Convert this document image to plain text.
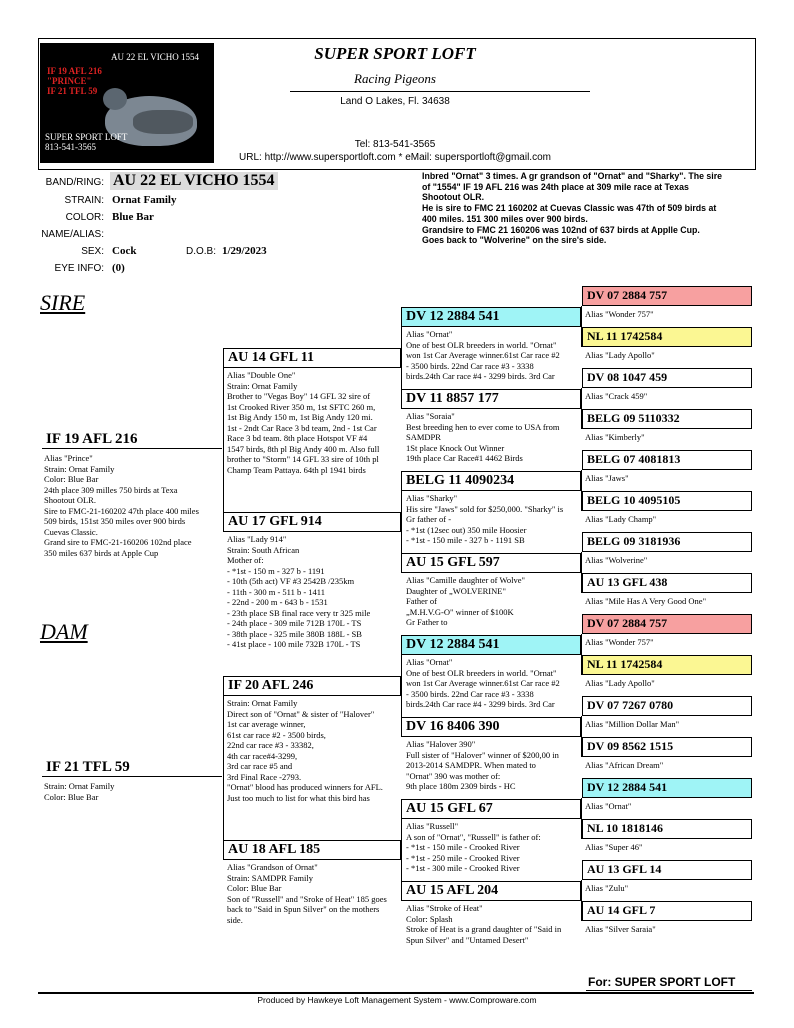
IF 19 AFL 216
"PRINCE"
IF 21 TFL 59
AU 22 EL VICHO 1554
SUPER SPORT LOFT
813-541-3565
SUPER SPORT LOFT
Racing Pigeons
Land O Lakes, Fl. 34638
Tel: 813-541-3565
URL: http://www.supersportloft.com * eMail: supersportloft@gmail.com
BAND/RING: AU 22 EL VICHO 1554
STRAIN: Ornat Family
COLOR: Blue Bar
NAME/ALIAS:
SEX: Cock	D.O.B: 1/29/2023
EYE INFO: (0)
Inbred "Ornat" 3 times. A gr grandson of "Ornat" and "Sharky". The sire
of "1554" IF 19 AFL 216 was 24th place at 309 mile race at Texas
Shootout OLR.
He is sire to FMC 21 160202 at Cuevas Classic was 47th of 509 birds at
400 miles. 151 300 miles over 900 birds.
Grandsire to FMC 21 160206 was 102nd of 637 birds at Applle Cup.
Goes back to "Wolverine" on the sire's side.
SIRE
DAM
IF 19 AFL 216
Alias "Prince"
Strain: Ornat Family
Color: Blue Bar
24th place 309 milles 750 birds at Texa
Shootout OLR.
Sire to FMC-21-160202 47th place 400 miles
509 birds, 151st 350 miles over 900 birds
Cuevas Classic.
Grand sire to FMC-21-160206 102nd place
350 miles 637 birds at Apple Cup
IF 21 TFL 59
Strain: Ornat Family
Color: Blue Bar
AU 14 GFL 11
Alias "Double One"
Strain: Ornat Family
Brother to "Vegas Boy" 14 GFL 32 sire of
1st Crooked River 350 m, 1st SFTC 260 m,
1st Big Andy 150 m, 1st Big Andy 120 mi.
1st - 2ndt Car Race 3 bd team, 2nd - 1st Car
Race 3 bd team. 8th place Hotspot VF #4
1547 birds, 8th pl Big Andy 400 m. Also full
brother to "Storm" 14 GFL 33 sire of 10th pl
Champ Team Pattaya. 64th pl 1941 birds
AU 17 GFL 914
Alias "Lady 914"
Strain: South African
Mother of:
- *1st - 150 m - 327 b - 1191
- 10th (5th act) VF #3 2542B /235km
- 11th - 300 m - 511 b - 1411
- 22nd - 200 m - 643 b - 1531
- 23th place SB final race very tr 325 mile
- 24th place - 309 mile 712B 170L - TS
- 38th place - 325 mile 380B 188L - SB
- 41st place - 100 mile 732B 170L - TS
IF 20 AFL 246
Strain: Ornat Family
Direct son of "Ornat" & sister of "Halover"
1st car average winner,
61st car race #2 - 3500 birds,
22nd car race #3 - 33382,
4th car race#4-3299,
3rd car race #5 and
3rd Final Race -2793.
"Ornat" blood has produced winners for AFL.
Just too much to list for what this bird has
AU 18 AFL 185
Alias "Grandson of Ornat"
Strain: SAMDPR Family
Color: Blue Bar
Son of "Russell" and "Sroke of Heat" 185 goes
back to "Said in Spun Silver" on the mothers
side.
DV 12 2884 541
Alias "Ornat"
One of best OLR breeders in world. "Ornat"
won 1st Car Average winner.61st Car race #2
- 3500 birds. 22nd Car race #3 - 3338
birds.24th Car race #4 - 3299 birds. 3rd Car
DV 11 8857 177
Alias "Soraia"
Best breeding hen to ever come to USA from
SAMDPR
1St place Knock Out Winner
19th place Car Race#1 4462 Birds
BELG 11 4090234
Alias "Sharky"
His sire "Jaws" sold for $250,000. "Sharky" is
Gr father of -
- *1st (12sec out) 350 mile Hoosier
- *1st - 150 mile - 327 b - 1191 SB
AU 15 GFL 597
Alias "Camille daughter of Wolve"
Daughter of „WOLVERINE"
Father of
„M.H.V.G-O" winner of $100K
Gr Father to
DV 12 2884 541
Alias "Ornat"
One of best OLR breeders in world. "Ornat"
won 1st Car Average winner.61st Car race #2
- 3500 birds. 22nd Car race #3 - 3338
birds.24th Car race #4 - 3299 birds. 3rd Car
DV 16 8406 390
Alias "Halover 390"
Full sister of "Halover" winner of $200,00 in
2013-2014 SAMDPR. When mated to
"Ornat" 390 was mother of:
9th place 180m 2309 birds - HC
AU 15 GFL 67
Alias "Russell"
A son of "Ornat", "Russell" is father of:
- *1st - 150 mile - Crooked River
- *1st - 250 mile - Crooked River
- *1st - 300 mile - Crooked River
AU 15 AFL 204
Alias "Stroke of Heat"
Color: Splash
Stroke of Heat is a grand daughter of "Said in
Spun Silver" and "Untamed Desert"
DV 07 2884 757
Alias "Wonder 757"
NL 11 1742584
Alias "Lady Apollo"
DV 08 1047 459
Alias "Crack 459"
BELG 09 5110332
Alias "Kimberly"
BELG 07 4081813
Alias "Jaws"
BELG 10 4095105
Alias "Lady Champ"
BELG 09 3181936
Alias "Wolverine"
AU 13 GFL 438
Alias "Mile Has A Very Good One"
DV 07 2884 757
Alias "Wonder 757"
NL 11 1742584
Alias "Lady Apollo"
DV 07 7267 0780
Alias "Million Dollar Man"
DV 09 8562 1515
Alias "African Dream"
DV 12 2884 541
Alias "Ornat"
NL 10 1818146
Alias "Super 46"
AU 13 GFL 14
Alias "Zulu"
AU 14 GFL 7
Alias "Silver Saraia"
For: SUPER SPORT LOFT
Produced by Hawkeye Loft Management System - www.Comproware.com
